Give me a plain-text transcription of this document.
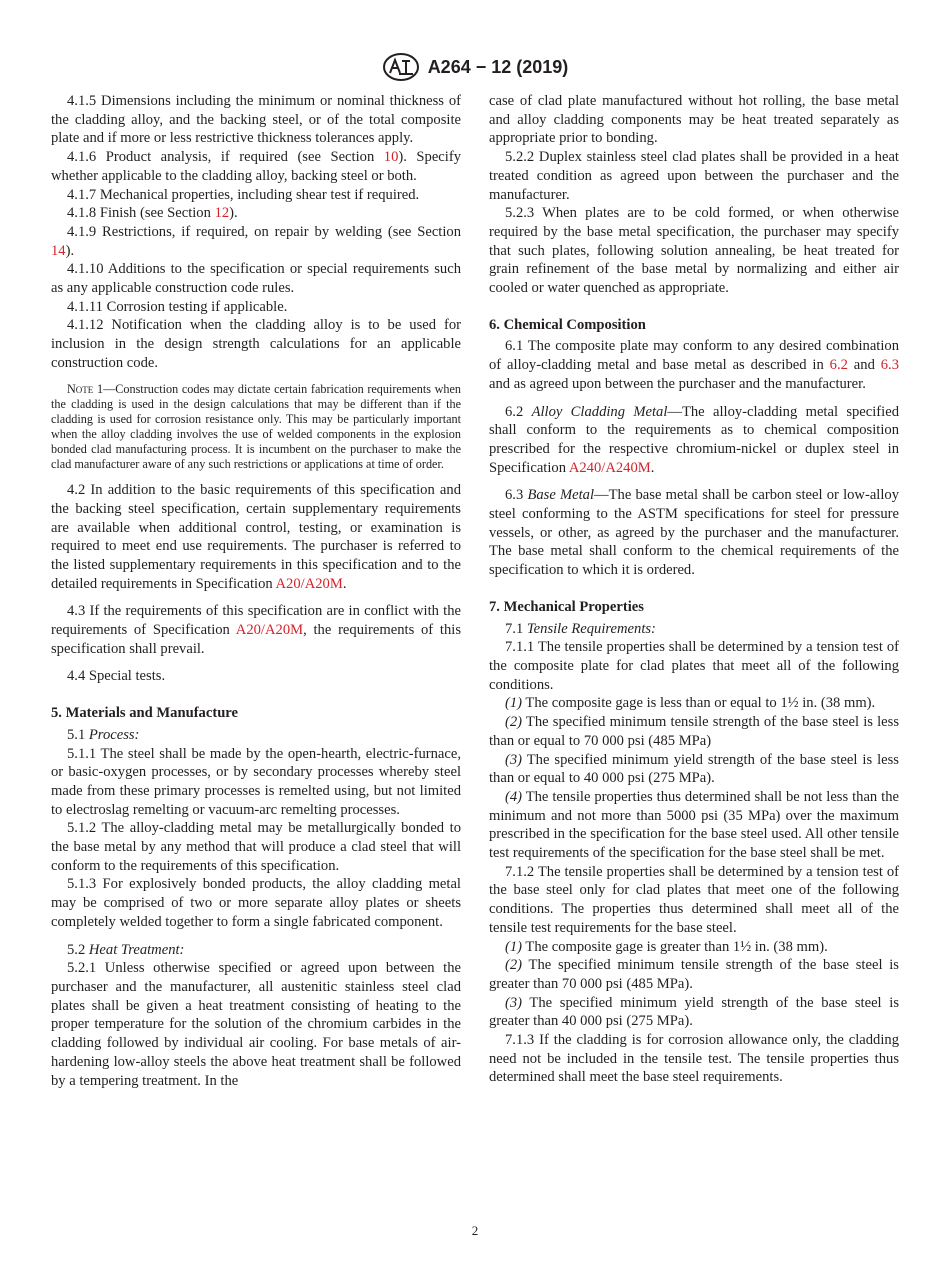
A264 − 12 (2019)

4.1.5 Dimensions including the minimum or nominal thickness of the cladding alloy, and the backing steel, or of the total composite plate and if more or less restrictive thickness tolerances apply.

4.1.6 Product analysis, if required (see Section 10). Specify whether applicable to the cladding alloy, backing steel or both.

4.1.7 Mechanical properties, including shear test if required.

4.1.8 Finish (see Section 12).

4.1.9 Restrictions, if required, on repair by welding (see Section 14).

4.1.10 Additions to the specification or special requirements such as any applicable construction code rules.

4.1.11 Corrosion testing if applicable.

4.1.12 Notification when the cladding alloy is to be used for inclusion in the design strength calculations for an applicable construction code.

Note 1—Construction codes may dictate certain fabrication requirements when the cladding is used in the design calculations that may be different than if the cladding is used for corrosion resistance only. This may be particularly important when the alloy cladding involves the use of welded components in the explosion bonded clad manufacturing process. It is incumbent on the purchaser to make the clad manufacturer aware of any such restrictions or applications at time of order.

4.2 In addition to the basic requirements of this specification and the backing steel specification, certain supplementary requirements are available when additional control, testing, or examination is required to meet end use requirements. The purchaser is referred to the listed supplementary requirements in this specification and to the detailed requirements in Specification A20/A20M.

4.3 If the requirements of this specification are in conflict with the requirements of Specification A20/A20M, the requirements of this specification shall prevail.

4.4 Special tests.

5. Materials and Manufacture

5.1 Process:

5.1.1 The steel shall be made by the open-hearth, electric-furnace, or basic-oxygen processes, or by secondary processes whereby steel made from these primary processes is remelted using, but not limited to electroslag remelting or vacuum-arc remelting processes.

5.1.2 The alloy-cladding metal may be metallurgically bonded to the base metal by any method that will produce a clad steel that will conform to the requirements of this specification.

5.1.3 For explosively bonded products, the alloy cladding metal may be comprised of two or more separate alloy plates or sheets completely welded together to form a single fabricated component.

5.2 Heat Treatment:

5.2.1 Unless otherwise specified or agreed upon between the purchaser and the manufacturer, all austenitic stainless steel clad plates shall be given a heat treatment consisting of heating to the proper temperature for the solution of the chromium carbides in the cladding followed by individual air cooling. For base metals of air-hardening low-alloy steels the above heat treatment shall be followed by a tempering treatment. In the

case of clad plate manufactured without hot rolling, the base metal and alloy cladding components may be heat treated separately as appropriate prior to bonding.

5.2.2 Duplex stainless steel clad plates shall be provided in a heat treated condition as agreed upon between the purchaser and the manufacturer.

5.2.3 When plates are to be cold formed, or when otherwise required by the base metal specification, the purchaser may specify that such plates, following solution annealing, be heat treated for grain refinement of the base metal by normalizing and either air cooled or water quenched as appropriate.

6. Chemical Composition

6.1 The composite plate may conform to any desired combination of alloy-cladding metal and base metal as described in 6.2 and 6.3 and as agreed upon between the purchaser and the manufacturer.

6.2 Alloy Cladding Metal—The alloy-cladding metal specified shall conform to the requirements as to chemical composition prescribed for the respective chromium-nickel or duplex steel in Specification A240/A240M.

6.3 Base Metal—The base metal shall be carbon steel or low-alloy steel conforming to the ASTM specifications for steel for pressure vessels, or other, as agreed by the purchaser and the manufacturer. The base metal shall conform to the chemical requirements of the specification to which it is ordered.

7. Mechanical Properties

7.1 Tensile Requirements:

7.1.1 The tensile properties shall be determined by a tension test of the composite plate for clad plates that meet all of the following conditions.

(1) The composite gage is less than or equal to 1½ in. (38 mm).

(2) The specified minimum tensile strength of the base steel is less than or equal to 70 000 psi (485 MPa)

(3) The specified minimum yield strength of the base steel is less than or equal to 40 000 psi (275 MPa).

(4) The tensile properties thus determined shall be not less than the minimum and not more than 5000 psi (35 MPa) over the maximum prescribed in the specification for the base steel used. All other tensile test requirements of the specification for the base steel shall be met.

7.1.2 The tensile properties shall be determined by a tension test of the base steel only for clad plates that meet one of the following conditions. The properties thus determined shall meet all of the tensile test requirements for the base steel.

(1) The composite gage is greater than 1½ in. (38 mm).

(2) The specified minimum tensile strength of the base steel is greater than 70 000 psi (485 MPa).

(3) The specified minimum yield strength of the base steel is greater than 40 000 psi (275 MPa).

7.1.3 If the cladding is for corrosion allowance only, the cladding need not be included in the tensile test. The tensile properties thus determined shall meet the base steel requirements.

2
